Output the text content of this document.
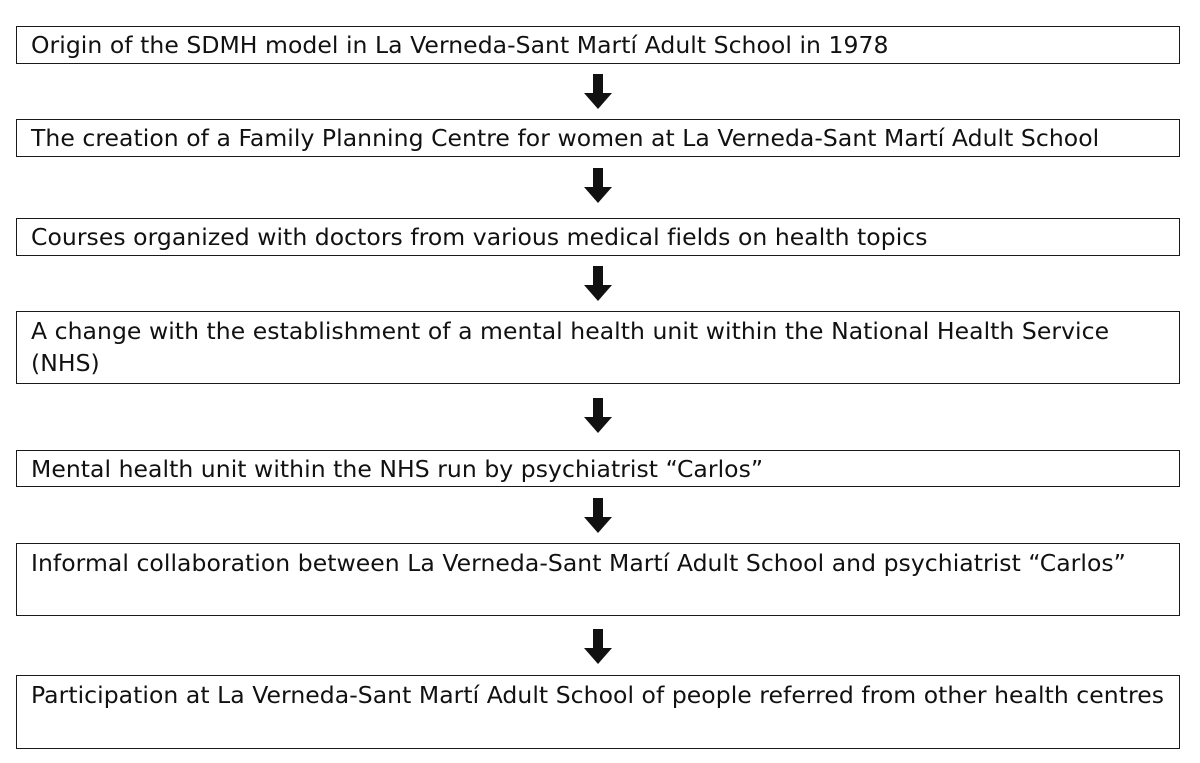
Origin of the SDMH model in La Verneda-Sant Martí Adult School in 1978
The creation of a Family Planning Centre for women at La Verneda-Sant Martí Adult School
Courses organized with doctors from various medical fields on health topics
A change with the establishment of a mental health unit within the National Health Service (NHS)
Mental health unit within the NHS run by psychiatrist “Carlos”
Informal collaboration between La Verneda-Sant Martí Adult School and psychiatrist “Carlos”
Participation at La Verneda-Sant Martí Adult School of people referred from other health centres
